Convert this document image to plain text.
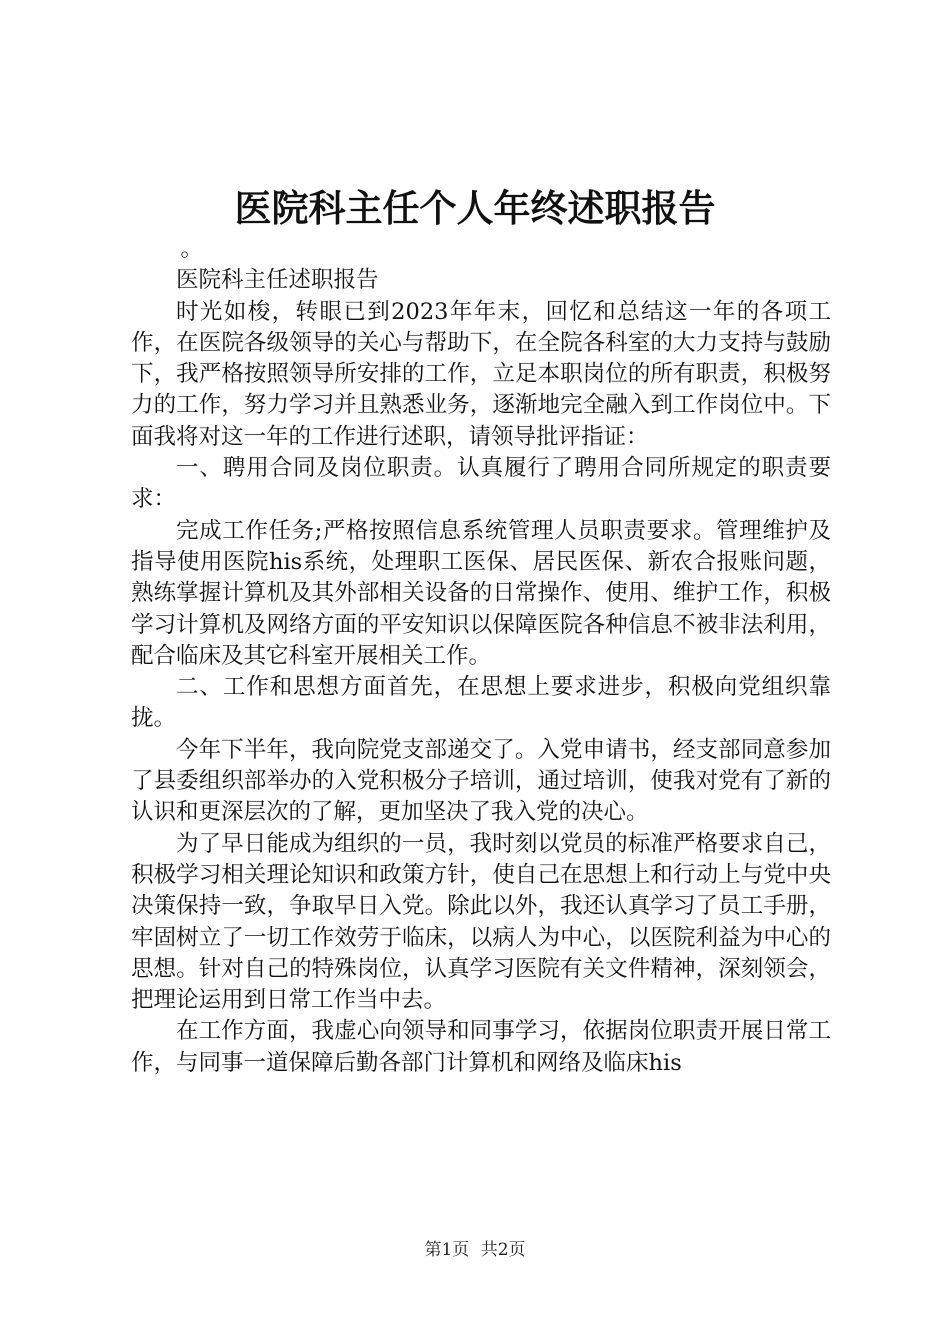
医院科主任个人年终述职报告

。

医院科主任述职报告

时光如梭，转眼已到2023年年末，回忆和总结这一年的各项工作，在医院各级领导的关心与帮助下，在全院各科室的大力支持与鼓励下，我严格按照领导所安排的工作，立足本职岗位的所有职责，积极努力的工作，努力学习并且熟悉业务，逐渐地完全融入到工作岗位中。下面我将对这一年的工作进行述职，请领导批评指证：

一、聘用合同及岗位职责。认真履行了聘用合同所规定的职责要求：

完成工作任务;严格按照信息系统管理人员职责要求。管理维护及指导使用医院his系统，处理职工医保、居民医保、新农合报账问题，熟练掌握计算机及其外部相关设备的日常操作、使用、维护工作，积极学习计算机及网络方面的平安知识以保障医院各种信息不被非法利用，配合临床及其它科室开展相关工作。

二、工作和思想方面首先，在思想上要求进步，积极向党组织靠拢。

今年下半年，我向院党支部递交了。入党申请书，经支部同意参加了县委组织部举办的入党积极分子培训，通过培训，使我对党有了新的认识和更深层次的了解，更加坚决了我入党的决心。

为了早日能成为组织的一员，我时刻以党员的标准严格要求自己，积极学习相关理论知识和政策方针，使自己在思想上和行动上与党中央决策保持一致，争取早日入党。除此以外，我还认真学习了员工手册，牢固树立了一切工作效劳于临床，以病人为中心，以医院利益为中心的思想。针对自己的特殊岗位，认真学习医院有关文件精神，深刻领会，把理论运用到日常工作当中去。

在工作方面，我虚心向领导和同事学习，依据岗位职责开展日常工作，与同事一道保障后勤各部门计算机和网络及临床his

第1页 共2页
